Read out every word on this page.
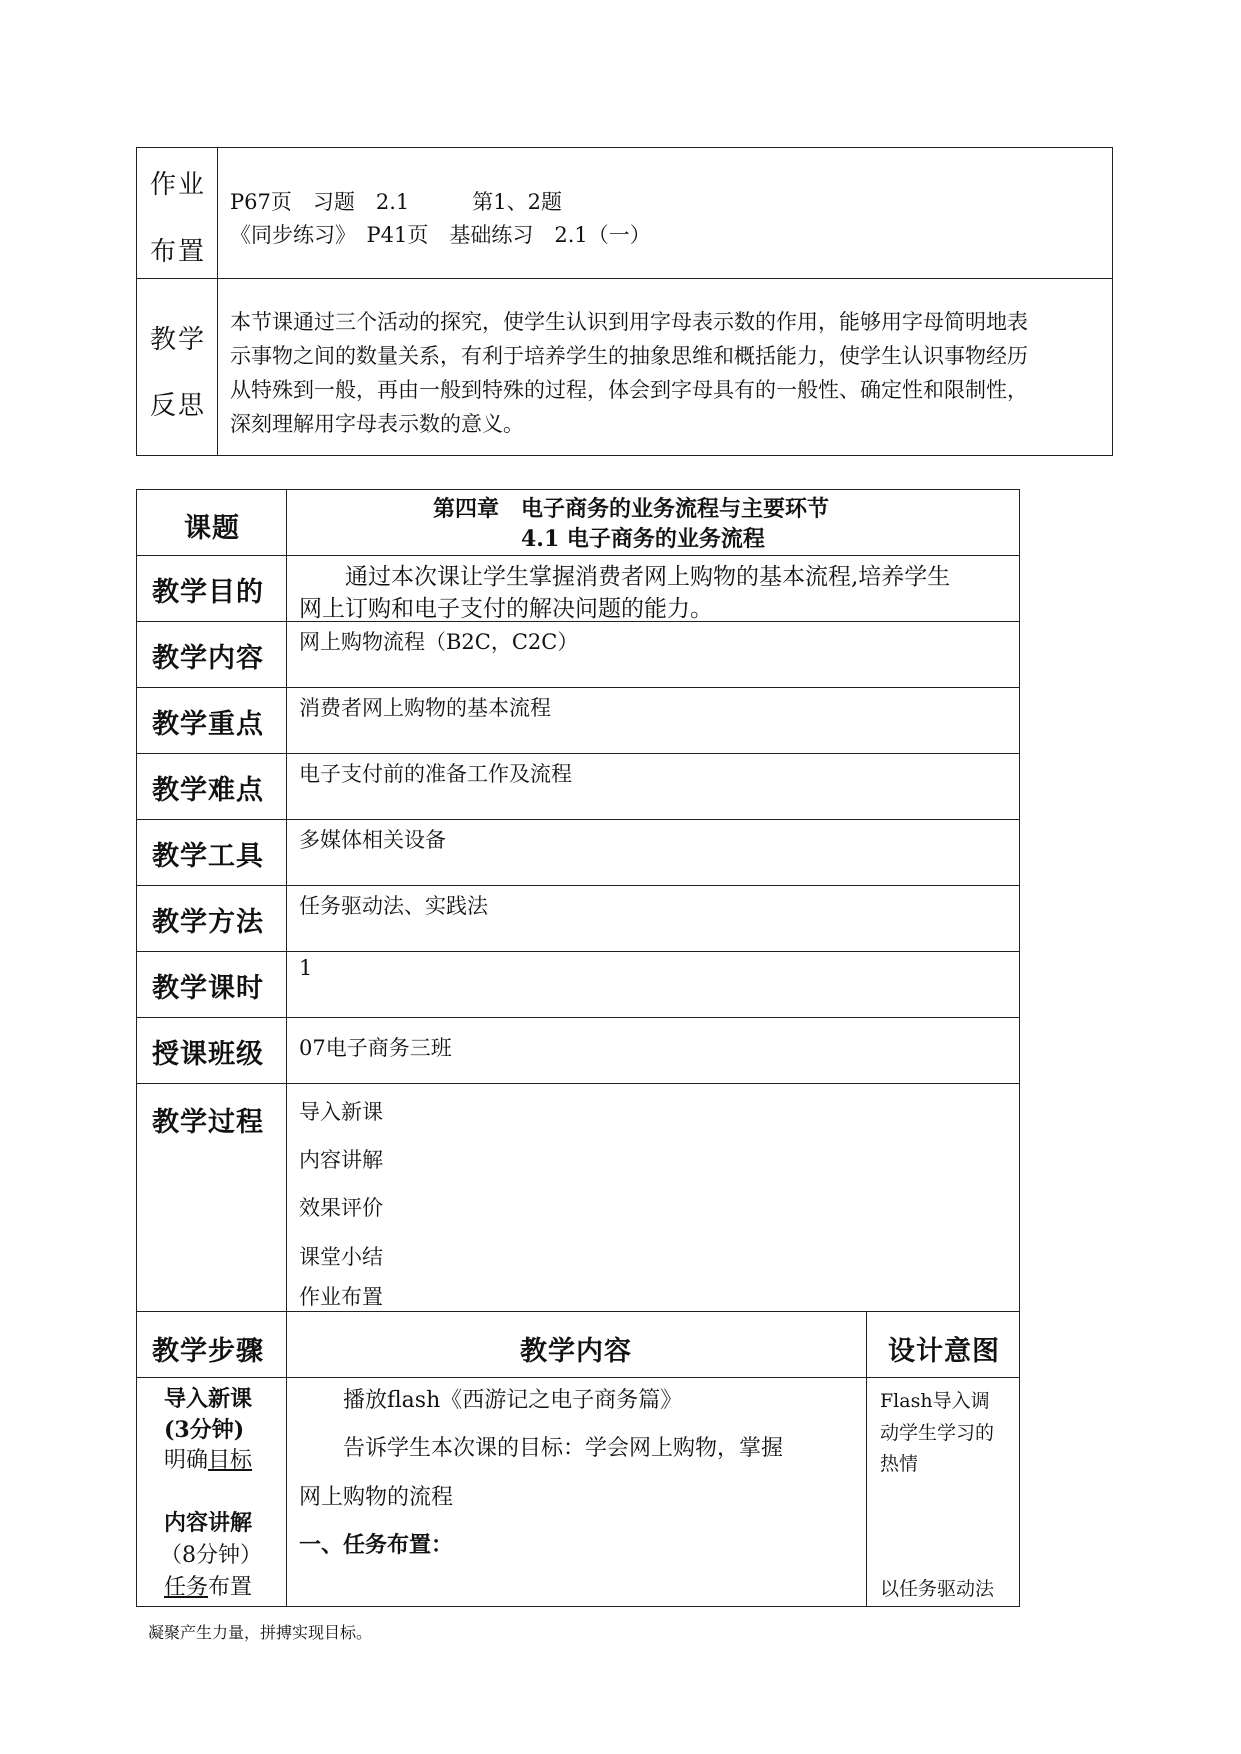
作业
布置
P67页　习题　2.1　　　第1、2题
《同步练习》　P41页　基础练习　2.1（一）
教学
反思
本节课通过三个活动的探究，使学生认识到用字母表示数的作用，能够用字母简明地表
示事物之间的数量关系，有利于培养学生的抽象思维和概括能力，使学生认识事物经历
从特殊到一般，再由一般到特殊的过程，体会到字母具有的一般性、确定性和限制性，
深刻理解用字母表示数的意义。
课题
第四章　电子商务的业务流程与主要环节
4.1 电子商务的业务流程
教学目的 　　通过本次课让学生掌握消费者网上购物的基本流程,培养学生
网上订购和电子支付的解决问题的能力。
教学内容
网上购物流程（B2C，C2C）
教学重点
消费者网上购物的基本流程
教学难点
电子支付前的准备工作及流程
教学工具
多媒体相关设备
教学方法
任务驱动法、实践法
教学课时
1
授课班级 07电子商务三班
教学过程 导入新课
内容讲解
效果评价
课堂小结
作业布置
教学步骤	教学内容	设计意图
导入新课
(3分钟)
明确目标
内容讲解
（8分钟）
任务布置
　　播放flash《西游记之电子商务篇》
　　告诉学生本次课的目标：学会网上购物，掌握
网上购物的流程
一、任务布置：
Flash导入调
动学生学习的
热情
以任务驱动法
凝聚产生力量，拼搏实现目标。
